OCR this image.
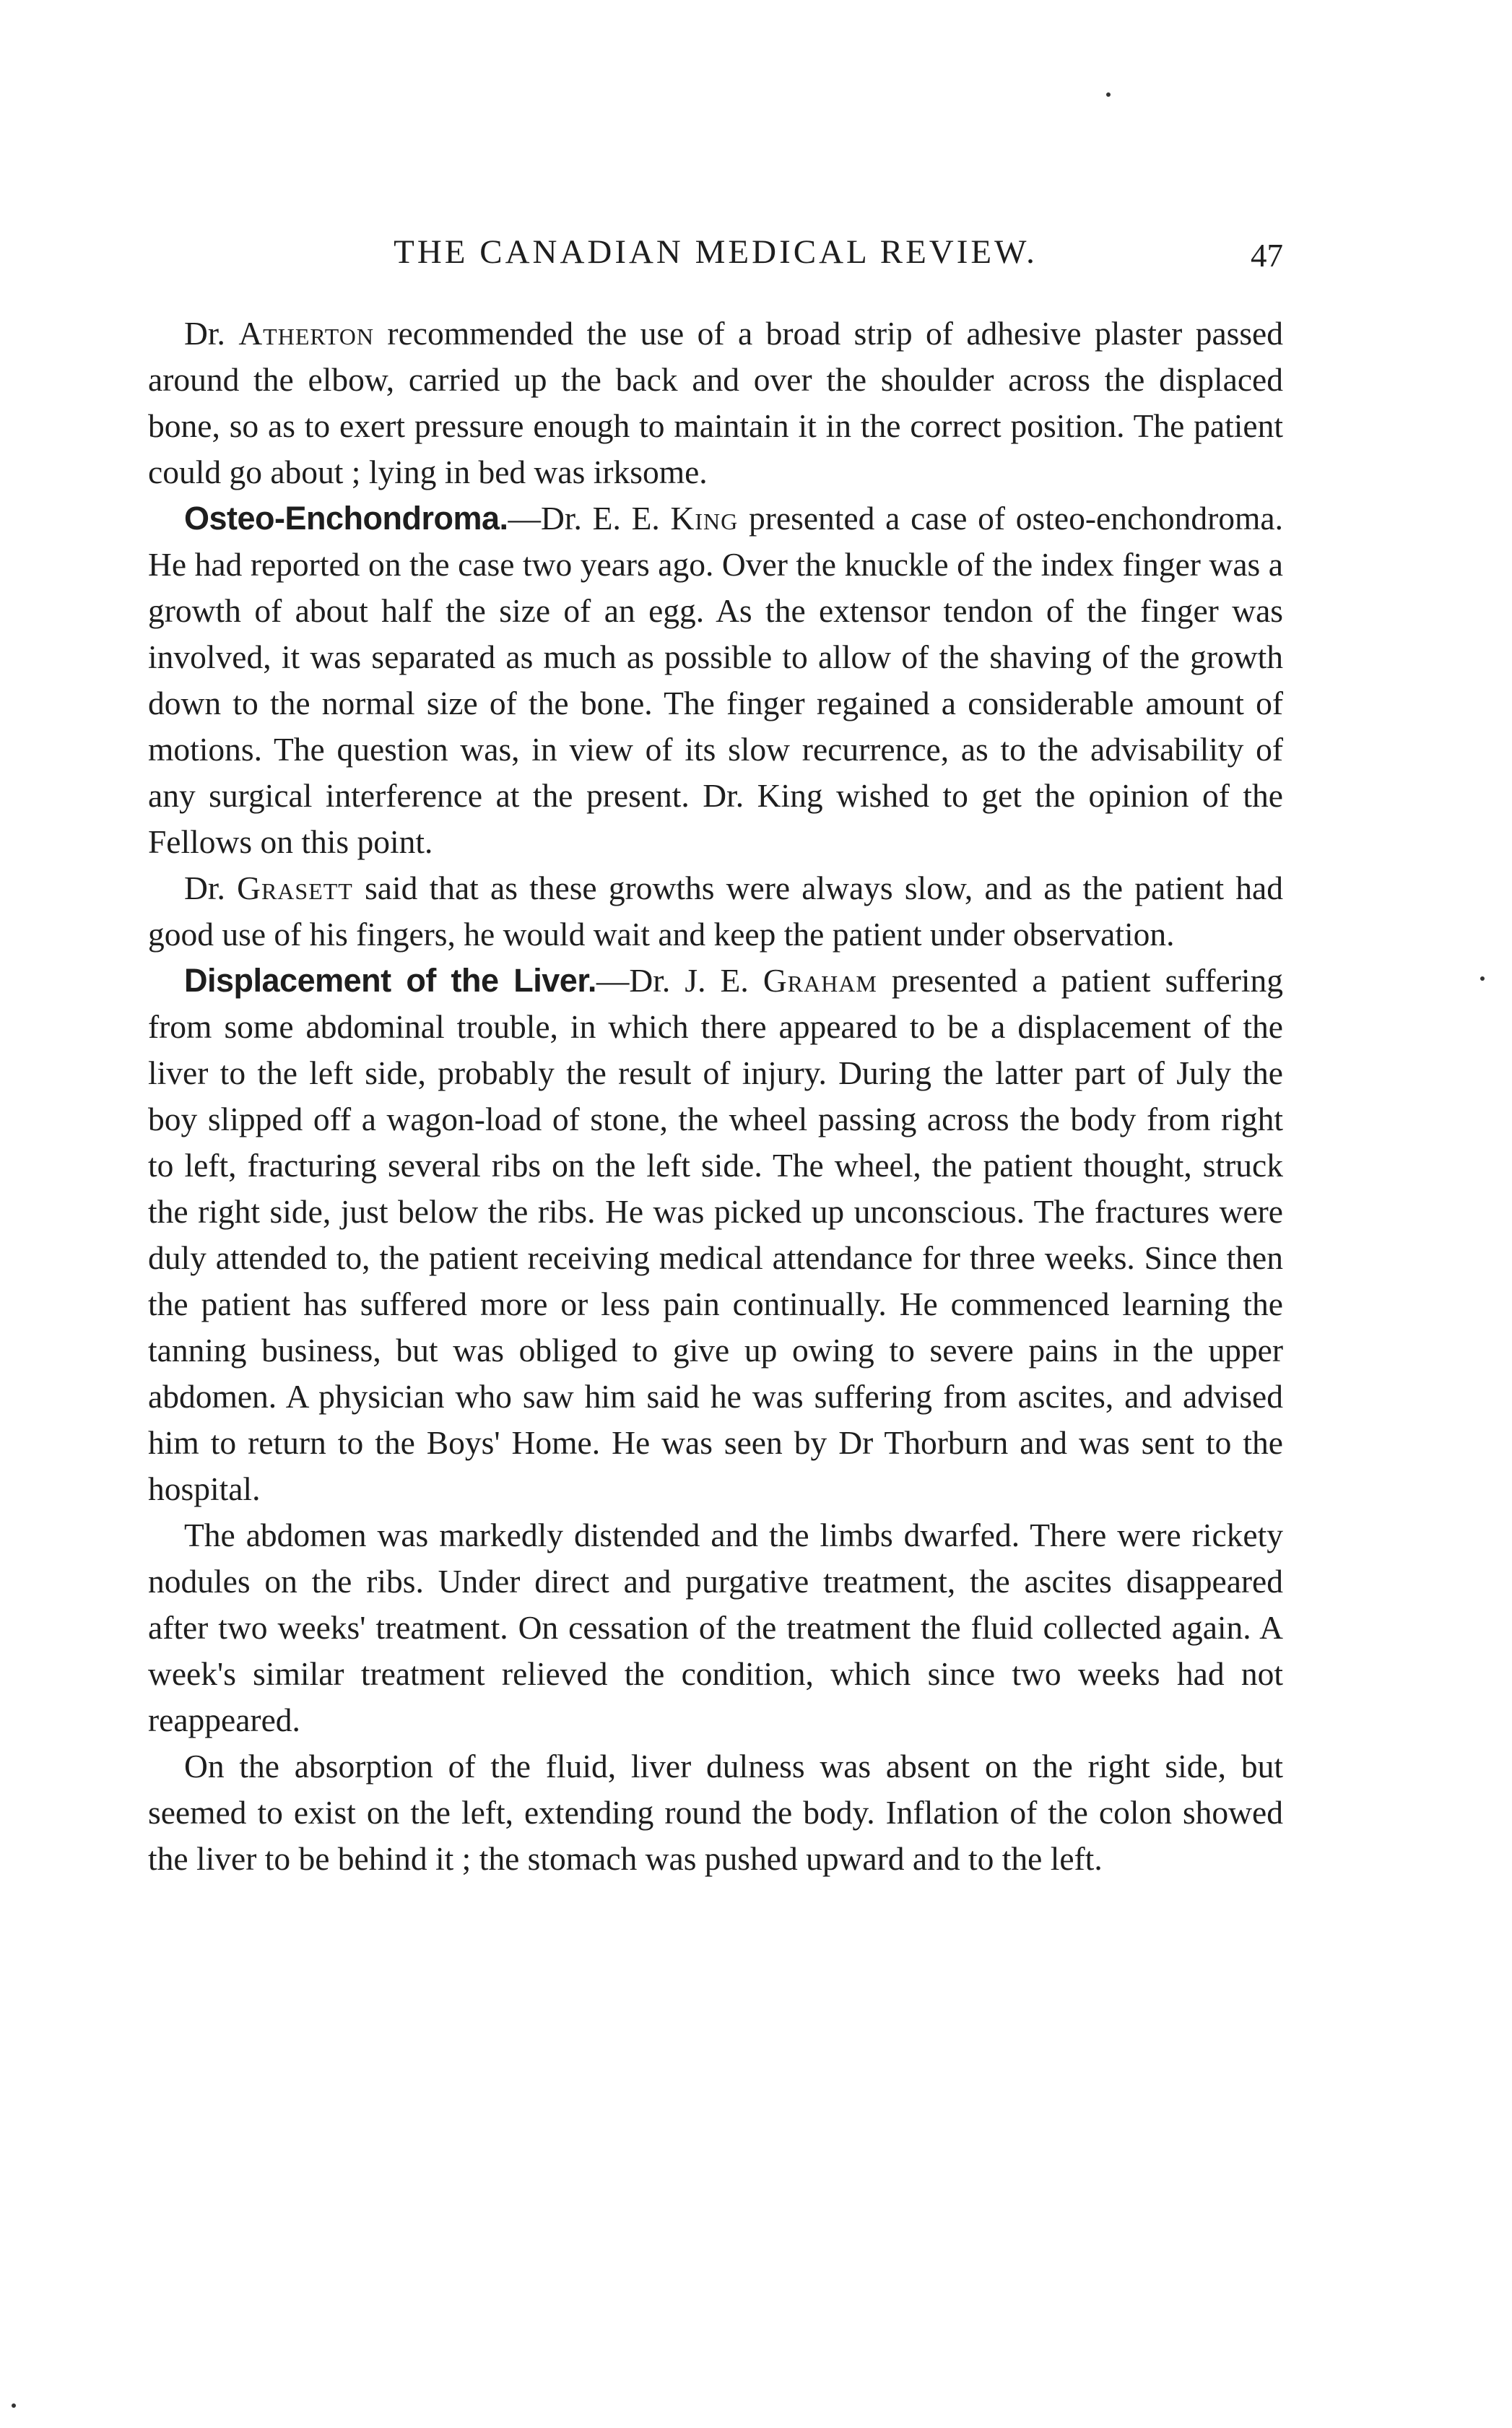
THE CANADIAN MEDICAL REVIEW.	47

Dr. Atherton recommended the use of a broad strip of adhesive plaster passed around the elbow, carried up the back and over the shoulder across the displaced bone, so as to exert pressure enough to maintain it in the correct position. The patient could go about ; lying in bed was irksome.

Osteo-Enchondroma.—Dr. E. E. King presented a case of osteo-enchondroma. He had reported on the case two years ago. Over the knuckle of the index finger was a growth of about half the size of an egg. As the extensor tendon of the finger was involved, it was separated as much as possible to allow of the shaving of the growth down to the normal size of the bone. The finger regained a considerable amount of motions. The question was, in view of its slow recurrence, as to the advisability of any surgical interference at the present. Dr. King wished to get the opinion of the Fellows on this point.

Dr. Grasett said that as these growths were always slow, and as the patient had good use of his fingers, he would wait and keep the patient under observation.

Displacement of the Liver.—Dr. J. E. Graham presented a patient suffering from some abdominal trouble, in which there appeared to be a displacement of the liver to the left side, probably the result of injury. During the latter part of July the boy slipped off a wagon-load of stone, the wheel passing across the body from right to left, fracturing several ribs on the left side. The wheel, the patient thought, struck the right side, just below the ribs. He was picked up unconscious. The fractures were duly attended to, the patient receiving medical attendance for three weeks. Since then the patient has suffered more or less pain continually. He commenced learning the tanning business, but was obliged to give up owing to severe pains in the upper abdomen. A physician who saw him said he was suffering from ascites, and advised him to return to the Boys' Home. He was seen by Dr Thorburn and was sent to the hospital.

The abdomen was markedly distended and the limbs dwarfed. There were rickety nodules on the ribs. Under direct and purgative treatment, the ascites disappeared after two weeks' treatment. On cessation of the treatment the fluid collected again. A week's similar treatment relieved the condition, which since two weeks had not reappeared.

On the absorption of the fluid, liver dulness was absent on the right side, but seemed to exist on the left, extending round the body. Inflation of the colon showed the liver to be behind it ; the stomach was pushed upward and to the left.
